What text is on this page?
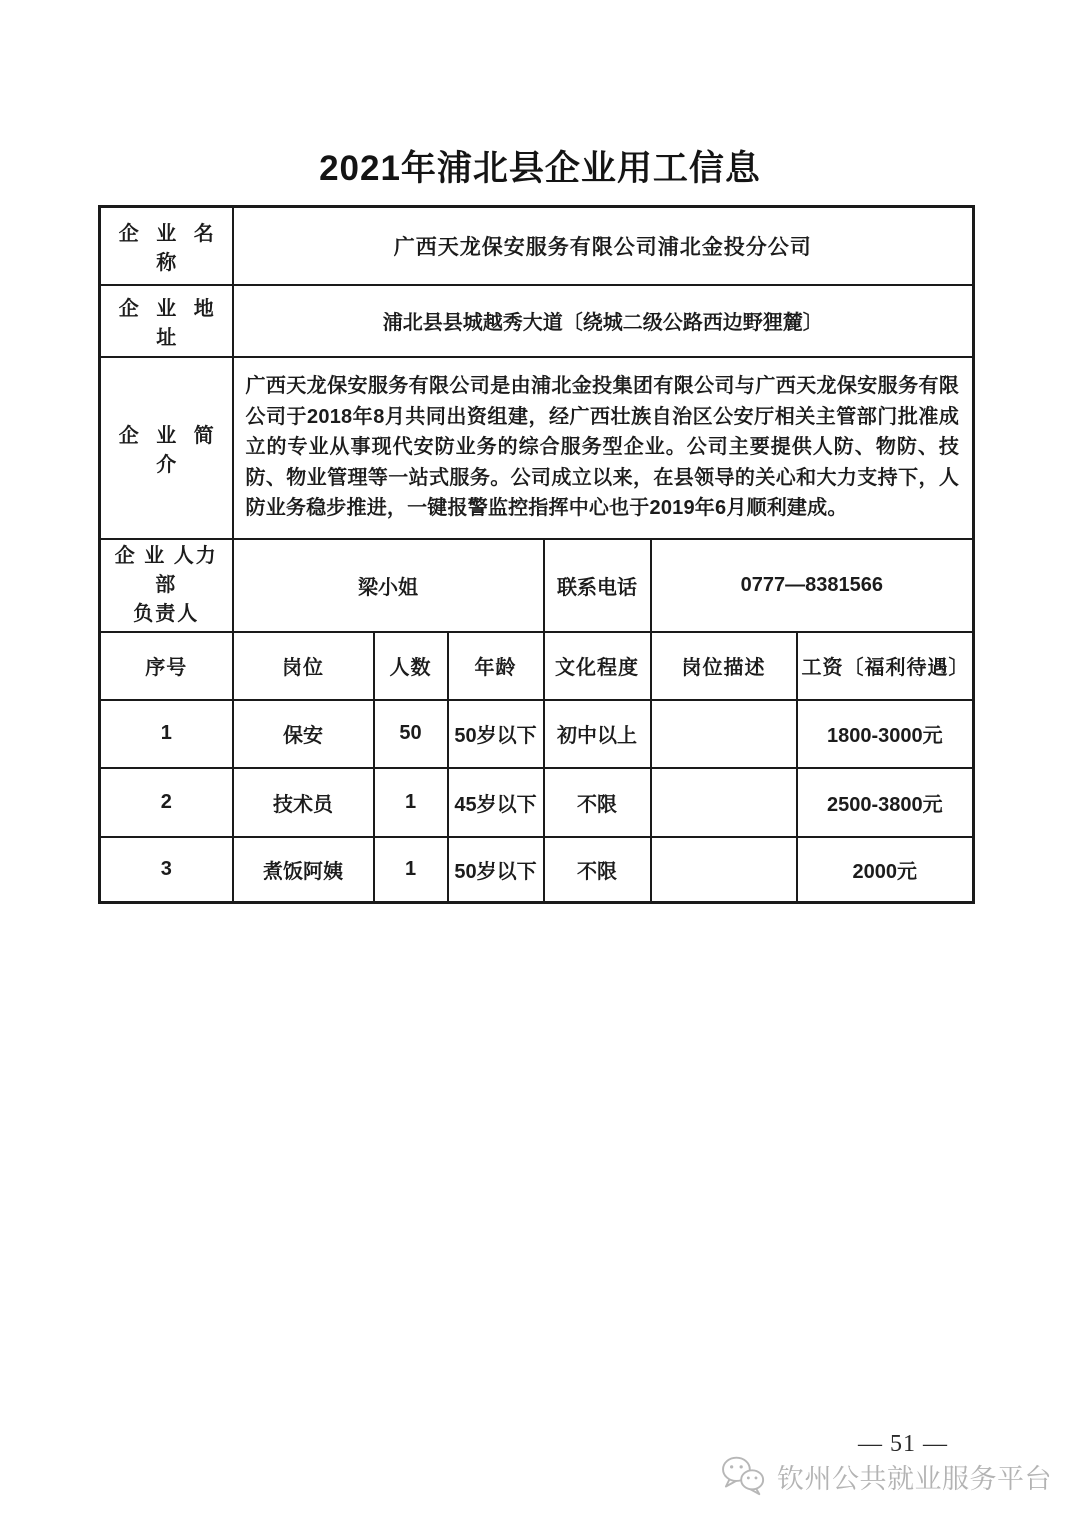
2021年浦北县企业用工信息
企 业 名 称	广西天龙保安服务有限公司浦北金投分公司					
企 业 地 址	浦北县县城越秀大道〔绕城二级公路西边野狸麓〕					
企 业 简 介	广西天龙保安服务有限公司是由浦北金投集团有限公司与广西天龙保安服务有限公司于2018年8月共同出资组建，经广西壮族自治区公安厅相关主管部门批准成立的专业从事现代安防业务的综合服务型企业。公司主要提供人防、物防、技防、物业管理等一站式服务。公司成立以来，在县领导的关心和大力支持下，人防业务稳步推进，一键报警监控指挥中心也于2019年6月顺利建成。					

企 业 人力部
负责人	梁小姐			联系电话	0777—8381566	
序号	岗位	人数	年龄	文化程度	岗位描述	工资〔福利待遇〕
1	保安	50	50岁以下	初中以上		1800-3000元
2	技术员	1	45岁以下	不限		2500-3800元
3	煮饭阿姨	1	50岁以下	不限		2000元
— 51 —
钦州公共就业服务平台
